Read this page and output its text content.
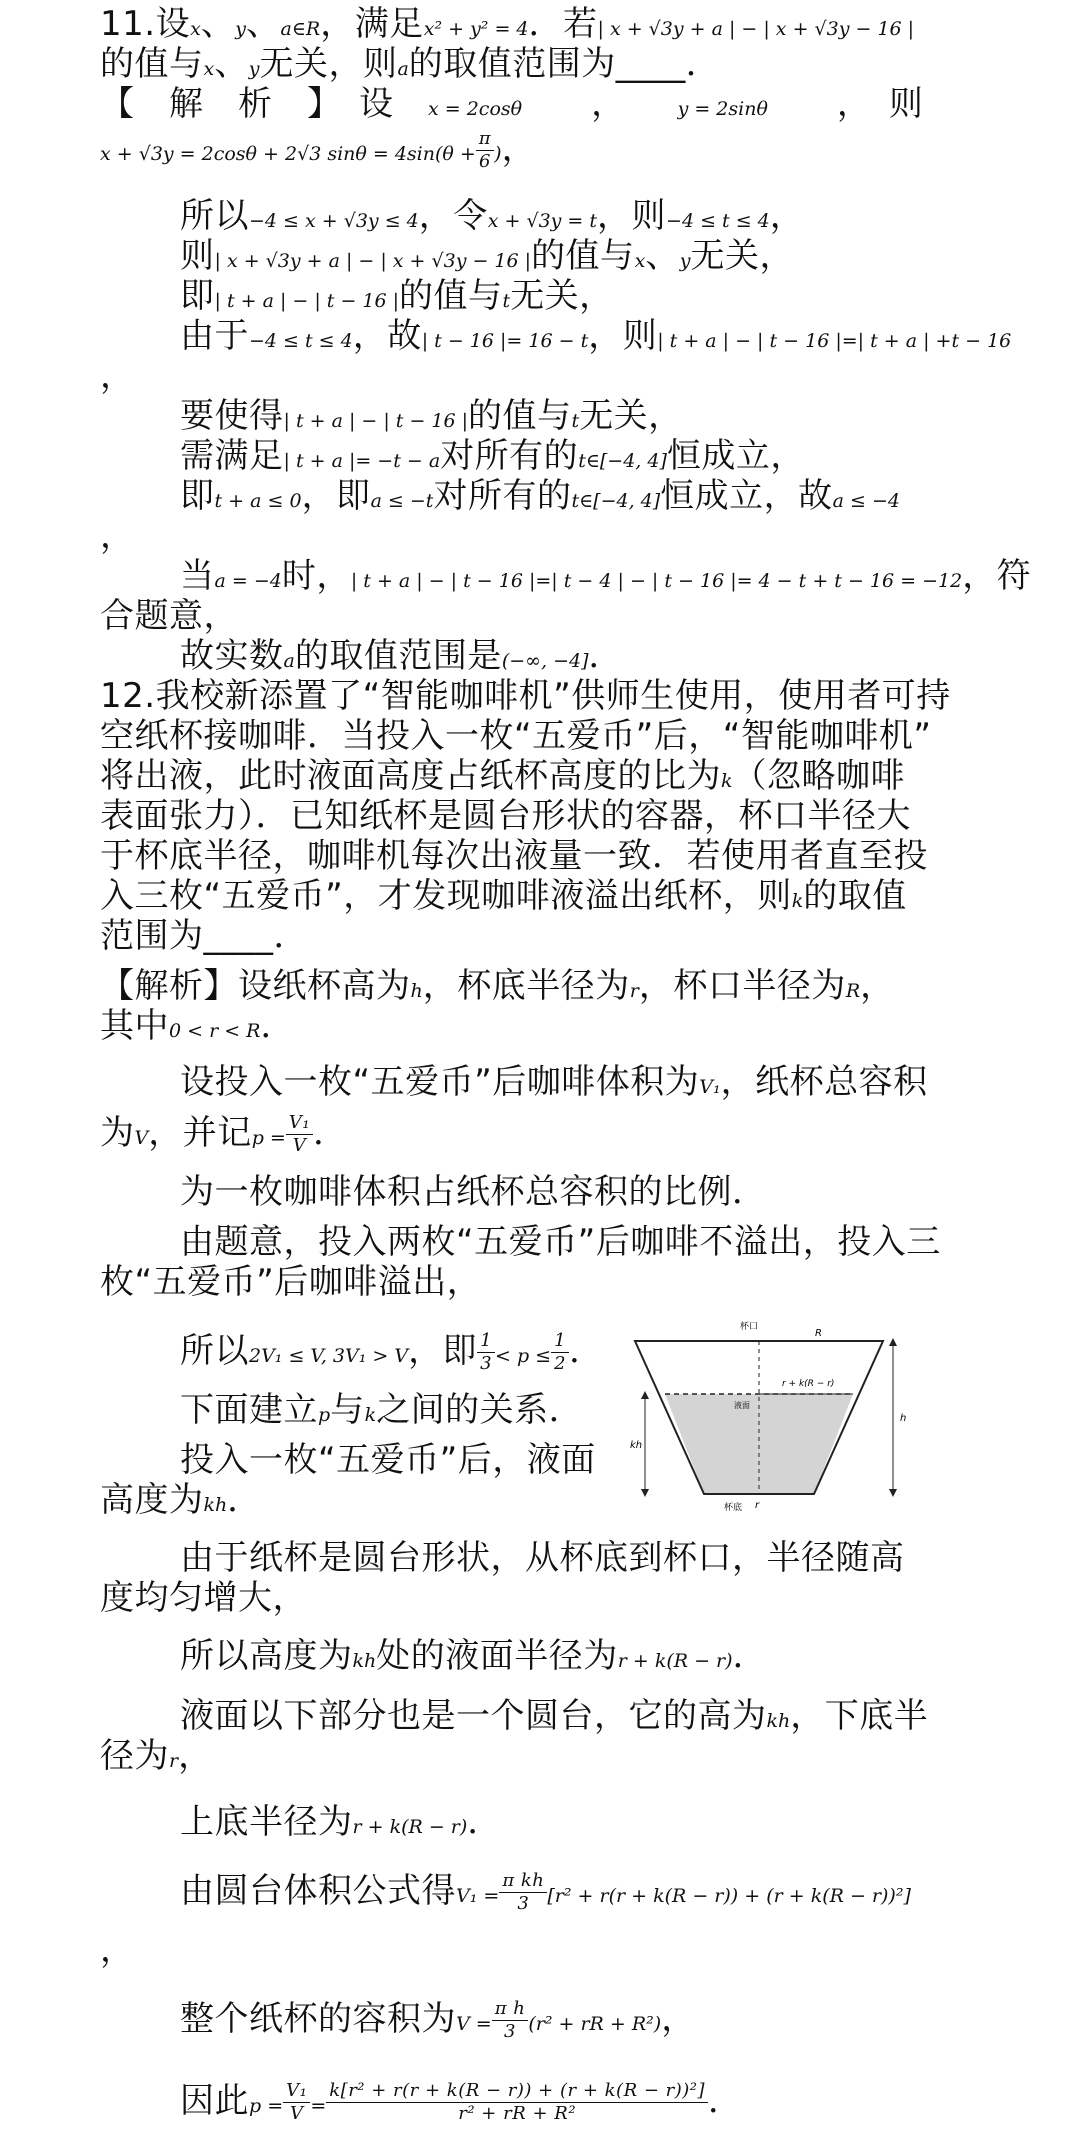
11.设x、y、a∈R，满足x² + y² = 4．若| x + √3y + a | − | x + √3y − 16 |
的值与x、y无关，则a的取值范围为____．
【　解　析　】　设　 x = 2cosθ　　 ，　　	y = 2sinθ　　 ，　则
x + √3y = 2cosθ + 2√3 $\sin\theta = 4\sin(\theta + \frac{\pi}{6}$ )，
所以−4 ≤ x + √3y ≤ 4，令x + √3y = t，则−4 ≤ t ≤ 4，
则| x + √3y + a | − | x + √3y − 16 |的值与x、y无关，
即| t + a | − | t − 16 |的值与t无关，
由于−4 ≤ t ≤ 4，故| t − 16 |= 16 − t，则| t + a | − | t − 16 |=| t + a | +t − 16
，
要使得| t + a | − | t − 16 |的值与t无关，
需满足| t + a |= −t − a对所有的t∈[−4, 4]恒成立，
即t + a ≤ 0，即a ≤ −t对所有的t∈[−4, 4]恒成立，故a ≤ −4
，
当a = −4时，| t + a | − | t − 16 |=| t − 4 | − | t − 16 |= 4 − t + t − 16 = −12，符
合题意，
故实数a的取值范围是(−∞, −4]．
12.我校新添置了“智能咖啡机”供师生使用，使用者可持
空纸杯接咖啡．当投入一枚“五爱币”后，“智能咖啡机”
将出液，此时液面高度占纸杯高度的比为k（忽略咖啡
表面张力）．已知纸杯是圆台形状的容器，杯口半径大
于杯底半径，咖啡机每次出液量一致．若使用者直至投
入三枚“五爱币”，才发现咖啡液溢出纸杯，则k的取值
范围为____．
【解析】设纸杯高为h，杯底半径为r，杯口半径为R，
其中0 < r < R．
设投入一枚“五爱币”后咖啡体积为V₁，纸杯总容积
为V，并记$p = \frac{\text{V₁}}{V}$ ．
为一枚咖啡体积占纸杯总容积的比例．
由题意，投入两枚“五爱币”后咖啡不溢出，投入三
枚“五爱币”后咖啡溢出，
所以2V₁ ≤ V, 3V₁ > V，即 $\frac{1}{3} < p \le \frac{1}{2}$ ．
下面建立p与k之间的关系．
投入一枚“五爱币”后，液面
高度为kh．
由于纸杯是圆台形状，从杯底到杯口，半径随高
度均匀增大，
所以高度为kh处的液面半径为r + k(R − r)．
液面以下部分也是一个圆台，它的高为kh，下底半
径为r，
上底半径为r + k(R − r)．
由圆台体积公式得$V_1 = \frac{\text{π kh}}{3} [r^2 + r(r + k(R - r)) + (r + k(R - r))^2]$
，
整个纸杯的容积为$V = \frac{\text{π h}}{3} (r^2$ + rR + R²)，
因此$p = \frac{\text{V₁}}{V} = \frac{\text{k[r² + r(r + k(R − r)) + (r + k(R − r))²]}}{\text{r² + rR + R²}}$ ．
杯口
R
r + k(R − r)
液面
h
kh
杯底 r
